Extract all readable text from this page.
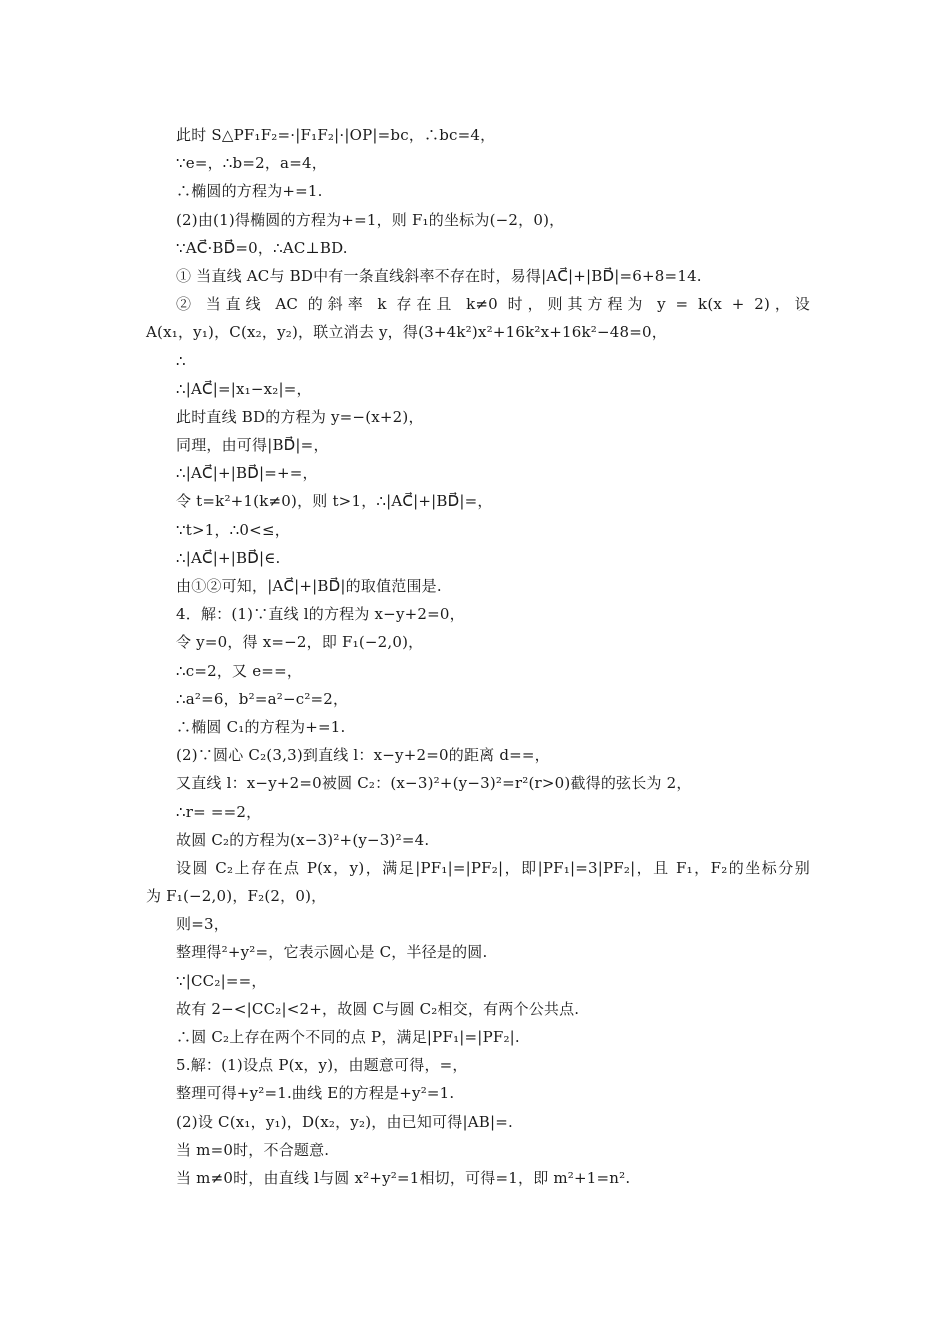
此时 S△PF₁F₂=·|F₁F₂|·|OP|=bc，∴bc=4，
∵e=，∴b=2，a=4，
∴椭圆的方程为+=1.
(2)由(1)得椭圆的方程为+=1，则 F₁的坐标为(−2，0)，
∵AC⃗·BD⃗=0，∴AC⊥BD.
① 当直线 AC与 BD中有一条直线斜率不存在时，易得|AC⃗|+|BD⃗|=6+8=14.
② 当直线 AC 的斜率 k 存在且 k≠0 时，则其方程为 y = k(x + 2)，设
A(x₁，y₁)，C(x₂，y₂)，联立消去 y，得(3+4k²)x²+16k²x+16k²−48=0，
∴
∴|AC⃗|=|x₁−x₂|=，
此时直线 BD的方程为 y=−(x+2)，
同理，由可得|BD⃗|=，
∴|AC⃗|+|BD⃗|=+=，
令 t=k²+1(k≠0)，则 t>1，∴|AC⃗|+|BD⃗|=，
∵t>1，∴0<≤，
∴|AC⃗|+|BD⃗|∈.
由①②可知，|AC⃗|+|BD⃗|的取值范围是.
4．解：(1)∵直线 l的方程为 x−y+2=0，
令 y=0，得 x=−2，即 F₁(−2,0)，
∴c=2，又 e==，
∴a²=6，b²=a²−c²=2，
∴椭圆 C₁的方程为+=1.
(2)∵圆心 C₂(3,3)到直线 l：x−y+2=0的距离 d==，
又直线 l：x−y+2=0被圆 C₂：(x−3)²+(y−3)²=r²(r>0)截得的弦长为 2，
∴r= ==2，
故圆 C₂的方程为(x−3)²+(y−3)²=4.
设圆 C₂上存在点 P(x，y)，满足|PF₁|=|PF₂|，即|PF₁|=3|PF₂|，且 F₁，F₂的坐标分别
为 F₁(−2,0)，F₂(2，0)，
则=3，
整理得²+y²=，它表示圆心是 C，半径是的圆.
∵|CC₂|==，
故有 2−<|CC₂|<2+，故圆 C与圆 C₂相交，有两个公共点.
∴圆 C₂上存在两个不同的点 P，满足|PF₁|=|PF₂|.
5.解：(1)设点 P(x，y)，由题意可得，=，
整理可得+y²=1.曲线 E的方程是+y²=1.
(2)设 C(x₁，y₁)，D(x₂，y₂)，由已知可得|AB|=.
当 m=0时，不合题意.
当 m≠0时，由直线 l与圆 x²+y²=1相切，可得=1，即 m²+1=n².
